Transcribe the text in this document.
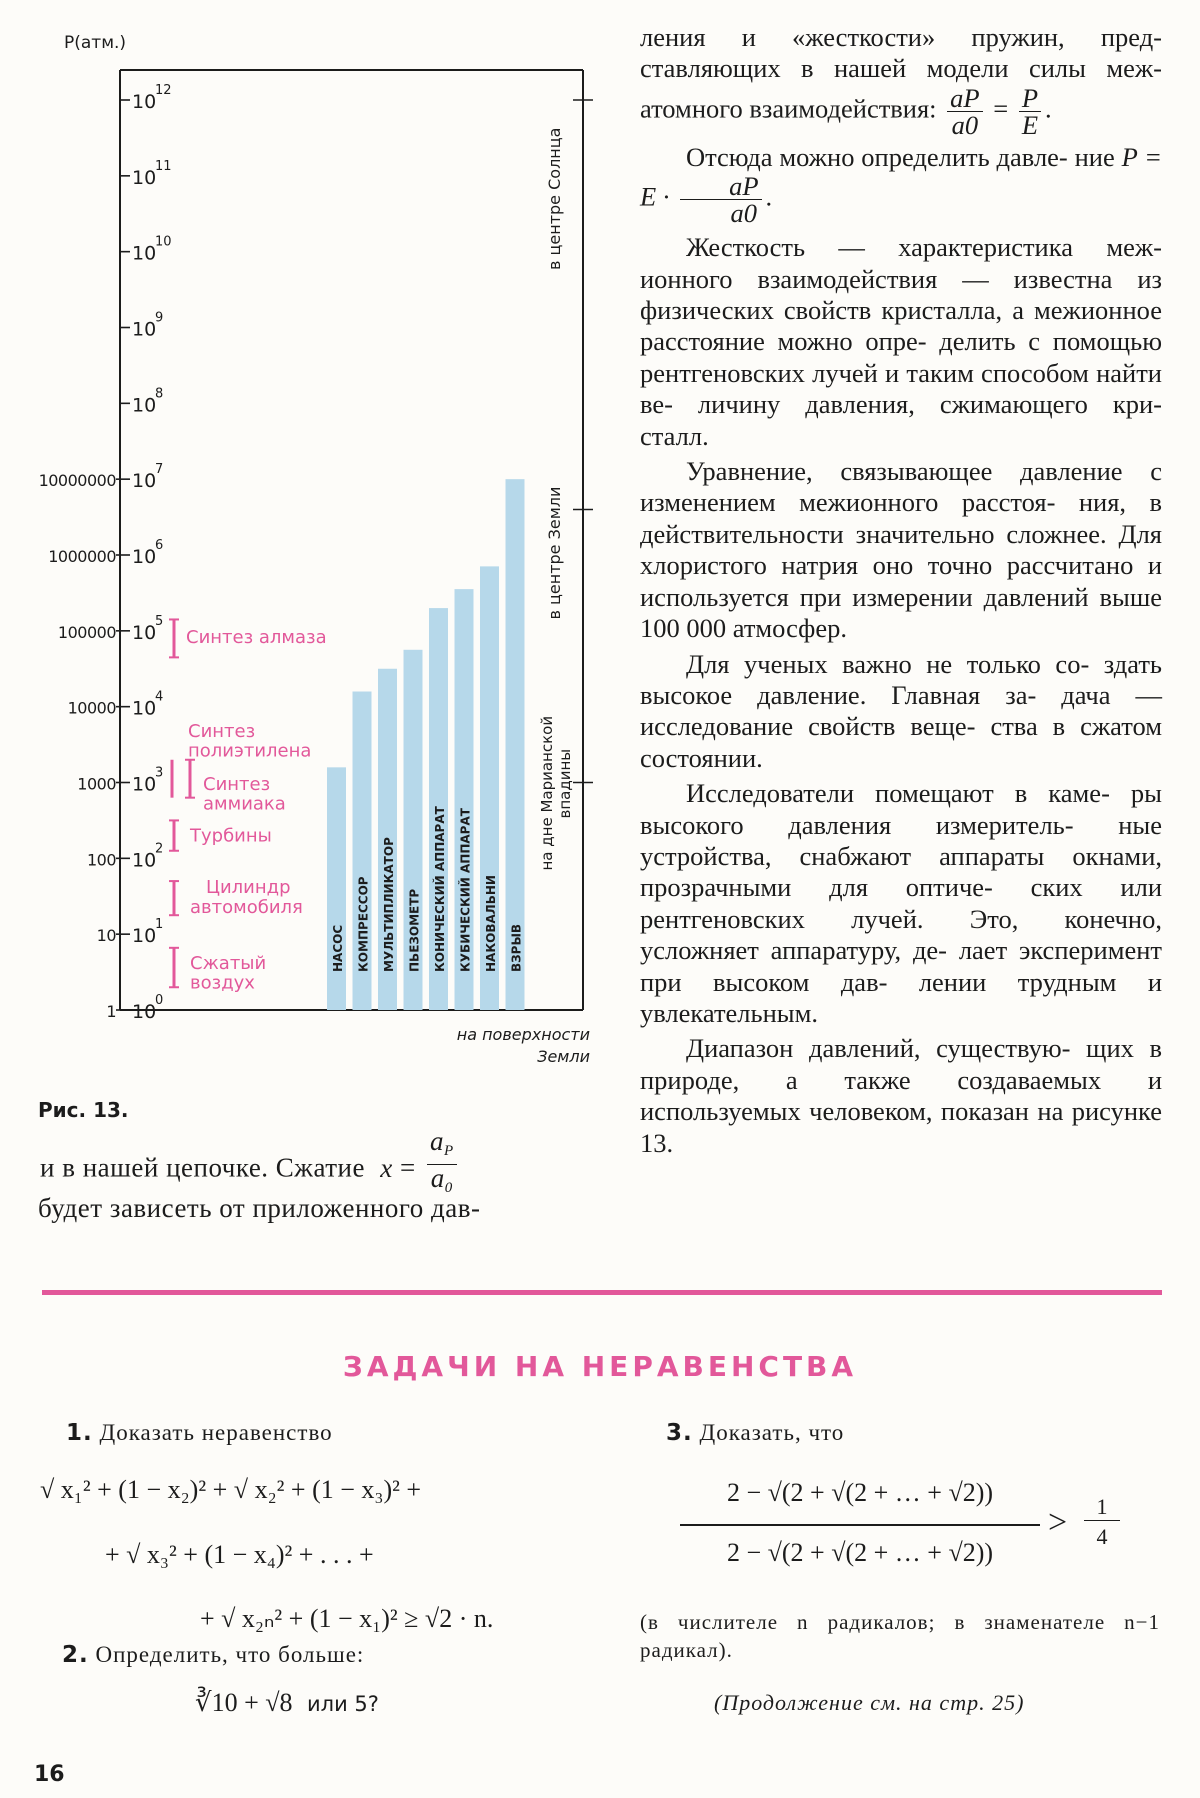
P(атм.)
10
0
1
10
1
10
10
2
100
10
3
1000
10
4
10000
10
5
100000
10
6
1000000
10
7
10000000
10
8
10
9
10
10
10
11
10
12
НАСОС КОМПРЕССОР МУЛЬТИПЛИКАТОР ПЬЕЗОМЕТР КОНИЧЕСКИЙ АППАРАТ КУБИЧЕСКИЙ АППАРАТ НАКОВАЛЬНИ ВЗРЫВ
Сжатый
воздух
Цилиндр
автомобиля
Турбины
Синтез
аммиака
Синтез
полиэтилена
Синтез алмаза
на поверхности
Земли
на дне Марианской впадины
в центре Земли
в центре Солнца
Рис. 13.
и в нашей цепочке. Сжатие $x = \frac{a_P}{a_0}$
будет зависеть от приложенного дав-

ления и «жесткости» пружин, пред- ставляющих в нашей модели силы меж- атомного взаимодействия: $\frac{aP}{a0} = \frac{P}{E}$ .

Отсюда можно определить давле- ние $P = E \cdot \frac{aP}{a0}$ .

Жесткость — характеристика меж- ионного взаимодействия — известна из физических свойств кристалла, а межионное расстояние можно опре- делить с помощью рентгеновских лучей и таким способом найти ве- личину давления, сжимающего кри- сталл.

Уравнение, связывающее давление с изменением межионного расстоя- ния, в действительности значительно сложнее. Для хлористого натрия оно точно рассчитано и используется при измерении давлений выше 100 000 атмосфер.

Для ученых важно не только со- здать высокое давление. Главная за- дача — исследование свойств веще- ства в сжатом состоянии.

Исследователи помещают в каме- ры высокого давления измеритель- ные устройства, снабжают аппараты окнами, прозрачными для оптиче- ских или рентгеновских лучей. Это, конечно, усложняет аппаратуру, де- лает эксперимент при высоком дав- лении трудным и увлекательным.

Диапазон давлений, существую- щих в природе, а также создаваемых и используемых человеком, показан на рисунке 13.

ЗАДАЧИ НА НЕРАВЕНСТВА
1. Доказать неравенство
√ x₁² + (1 − x₂)² + √ x₂² + (1 − x₃)² +
+ √ x₃² + (1 − x₄)² + . . . +
+ √ x₂ₙ² + (1 − x₁)² ≥ √2 · n.
2. Определить, что больше:
∛10 + √8 или 5?
3. Доказать, что
2 − √(2 + √(2 + … + √2))
2 − √(2 + √(2 + … + √2))
>	1
4
(в числителе n радикалов; в знаменателе n−1 радикал).
(Продолжение см. на стр. 25)
16
